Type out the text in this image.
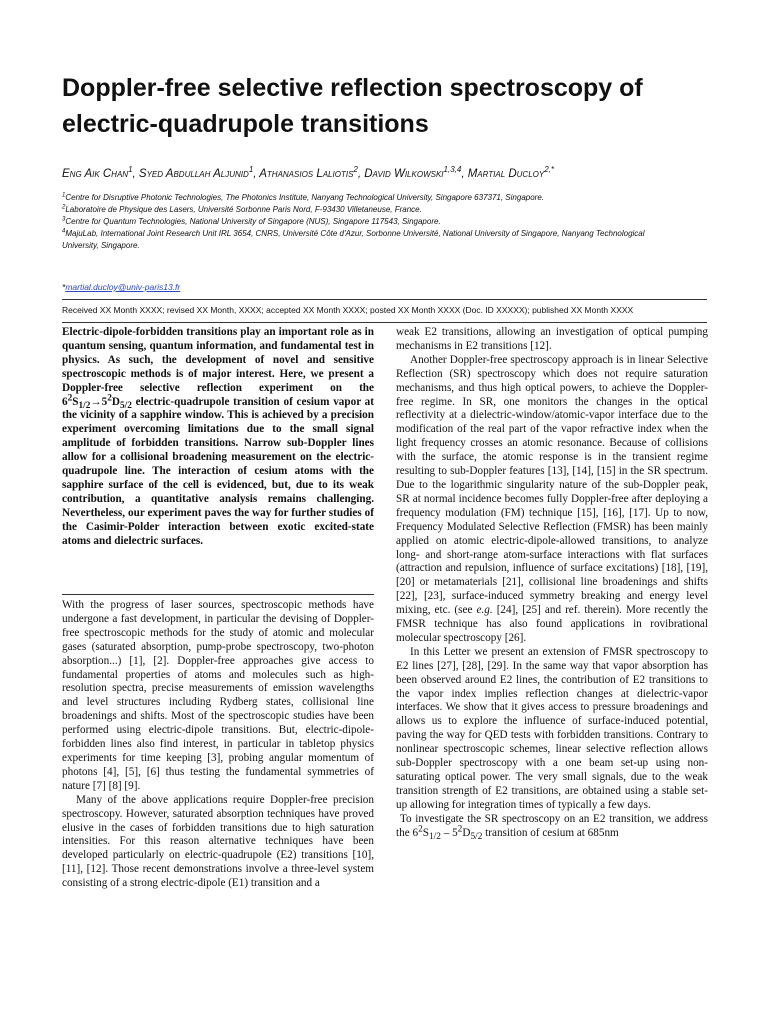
Doppler-free selective reflection spectroscopy of electric-quadrupole transitions
Eng Aik Chan$^1$, Syed Abdullah Aljunid$^1$, Athanasios Laliotis$^2$, David Wilkowski$^{1,3,4}$, Martial Ducloy$^{2,*}$
$^1$Centre for Disruptive Photonic Technologies, The Photonics Institute, Nanyang Technological University, Singapore 637371, Singapore.
$^2$Laboratoire de Physique des Lasers, Université Sorbonne Paris Nord, F-93430 Villetaneuse, France.
$^3$Centre for Quantum Technologies, National University of Singapore (NUS), Singapore 117543, Singapore.
$^4$MajuLab, International Joint Research Unit IRL 3654, CNRS, Université Côte d'Azur, Sorbonne Université, National University of Singapore, Nanyang Technological University, Singapore.
*martial.ducloy@univ-paris13.fr
Received XX Month XXXX; revised XX Month, XXXX; accepted XX Month XXXX; posted XX Month XXXX (Doc. ID XXXXX); published XX Month XXXX

Electric-dipole-forbidden transitions play an important role as in quantum sensing, quantum information, and fundamental test in physics. As such, the development of novel and sensitive spectroscopic methods is of major interest. Here, we present a Doppler-free selective reflection experiment on the $6^2S_{1/2}\to 5^2D_{5/2}$ electric-quadrupole transition of cesium vapor at the vicinity of a sapphire window. This is achieved by a precision experiment overcoming limitations due to the small signal amplitude of forbidden transitions. Narrow sub-Doppler lines allow for a collisional broadening measurement on the electric-quadrupole line. The interaction of cesium atoms with the sapphire surface of the cell is evidenced, but, due to its weak contribution, a quantitative analysis remains challenging. Nevertheless, our experiment paves the way for further studies of the Casimir-Polder interaction between exotic excited-state atoms and dielectric surfaces.

With the progress of laser sources, spectroscopic methods have undergone a fast development, in particular the devising of Doppler-free spectroscopic methods for the study of atomic and molecular gases (saturated absorption, pump-probe spectroscopy, two-photon absorption...) [1], [2]. Doppler-free approaches give access to fundamental properties of atoms and molecules such as high-resolution spectra, precise measurements of emission wavelengths and level structures including Rydberg states, collisional line broadenings and shifts. Most of the spectroscopic studies have been performed using electric-dipole transitions. But, electric-dipole-forbidden lines also find interest, in particular in tabletop physics experiments for time keeping [3], probing angular momentum of photons [4], [5], [6] thus testing the fundamental symmetries of nature [7] [8] [9].

Many of the above applications require Doppler-free precision spectroscopy. However, saturated absorption techniques have proved elusive in the cases of forbidden transitions due to high saturation intensities. For this reason alternative techniques have been developed particularly on electric-quadrupole (E2) transitions [10], [11], [12]. Those recent demonstrations involve a three-level system consisting of a strong electric-dipole (E1) transition and a

weak E2 transitions, allowing an investigation of optical pumping mechanisms in E2 transitions [12].

Another Doppler-free spectroscopy approach is in linear Selective Reflection (SR) spectroscopy which does not require saturation mechanisms, and thus high optical powers, to achieve the Doppler-free regime. In SR, one monitors the changes in the optical reflectivity at a dielectric-window/atomic-vapor interface due to the modification of the real part of the vapor refractive index when the light frequency crosses an atomic resonance. Because of collisions with the surface, the atomic response is in the transient regime resulting to sub-Doppler features [13], [14], [15] in the SR spectrum. Due to the logarithmic singularity nature of the sub-Doppler peak, SR at normal incidence becomes fully Doppler-free after deploying a frequency modulation (FM) technique [15], [16], [17]. Up to now, Frequency Modulated Selective Reflection (FMSR) has been mainly applied on atomic electric-dipole-allowed transitions, to analyze long- and short-range atom-surface interactions with flat surfaces (attraction and repulsion, influence of surface excitations) [18], [19], [20] or metamaterials [21], collisional line broadenings and shifts [22], [23], surface-induced symmetry breaking and energy level mixing, etc. (see e.g. [24], [25] and ref. therein). More recently the FMSR technique has also found applications in rovibrational molecular spectroscopy [26].

In this Letter we present an extension of FMSR spectroscopy to E2 lines [27], [28], [29]. In the same way that vapor absorption has been observed around E2 lines, the contribution of E2 transitions to the vapor index implies reflection changes at dielectric-vapor interfaces. We show that it gives access to pressure broadenings and allows us to explore the influence of surface-induced potential, paving the way for QED tests with forbidden transitions. Contrary to nonlinear spectroscopic schemes, linear selective reflection allows sub-Doppler spectroscopy with a one beam set-up using non-saturating optical power. The very small signals, due to the weak transition strength of E2 transitions, are obtained using a stable set-up allowing for integration times of typically a few days.

To investigate the SR spectroscopy on an E2 transition, we address the $6^2S_{1/2} - 5^2D_{5/2}$ transition of cesium at 685nm
